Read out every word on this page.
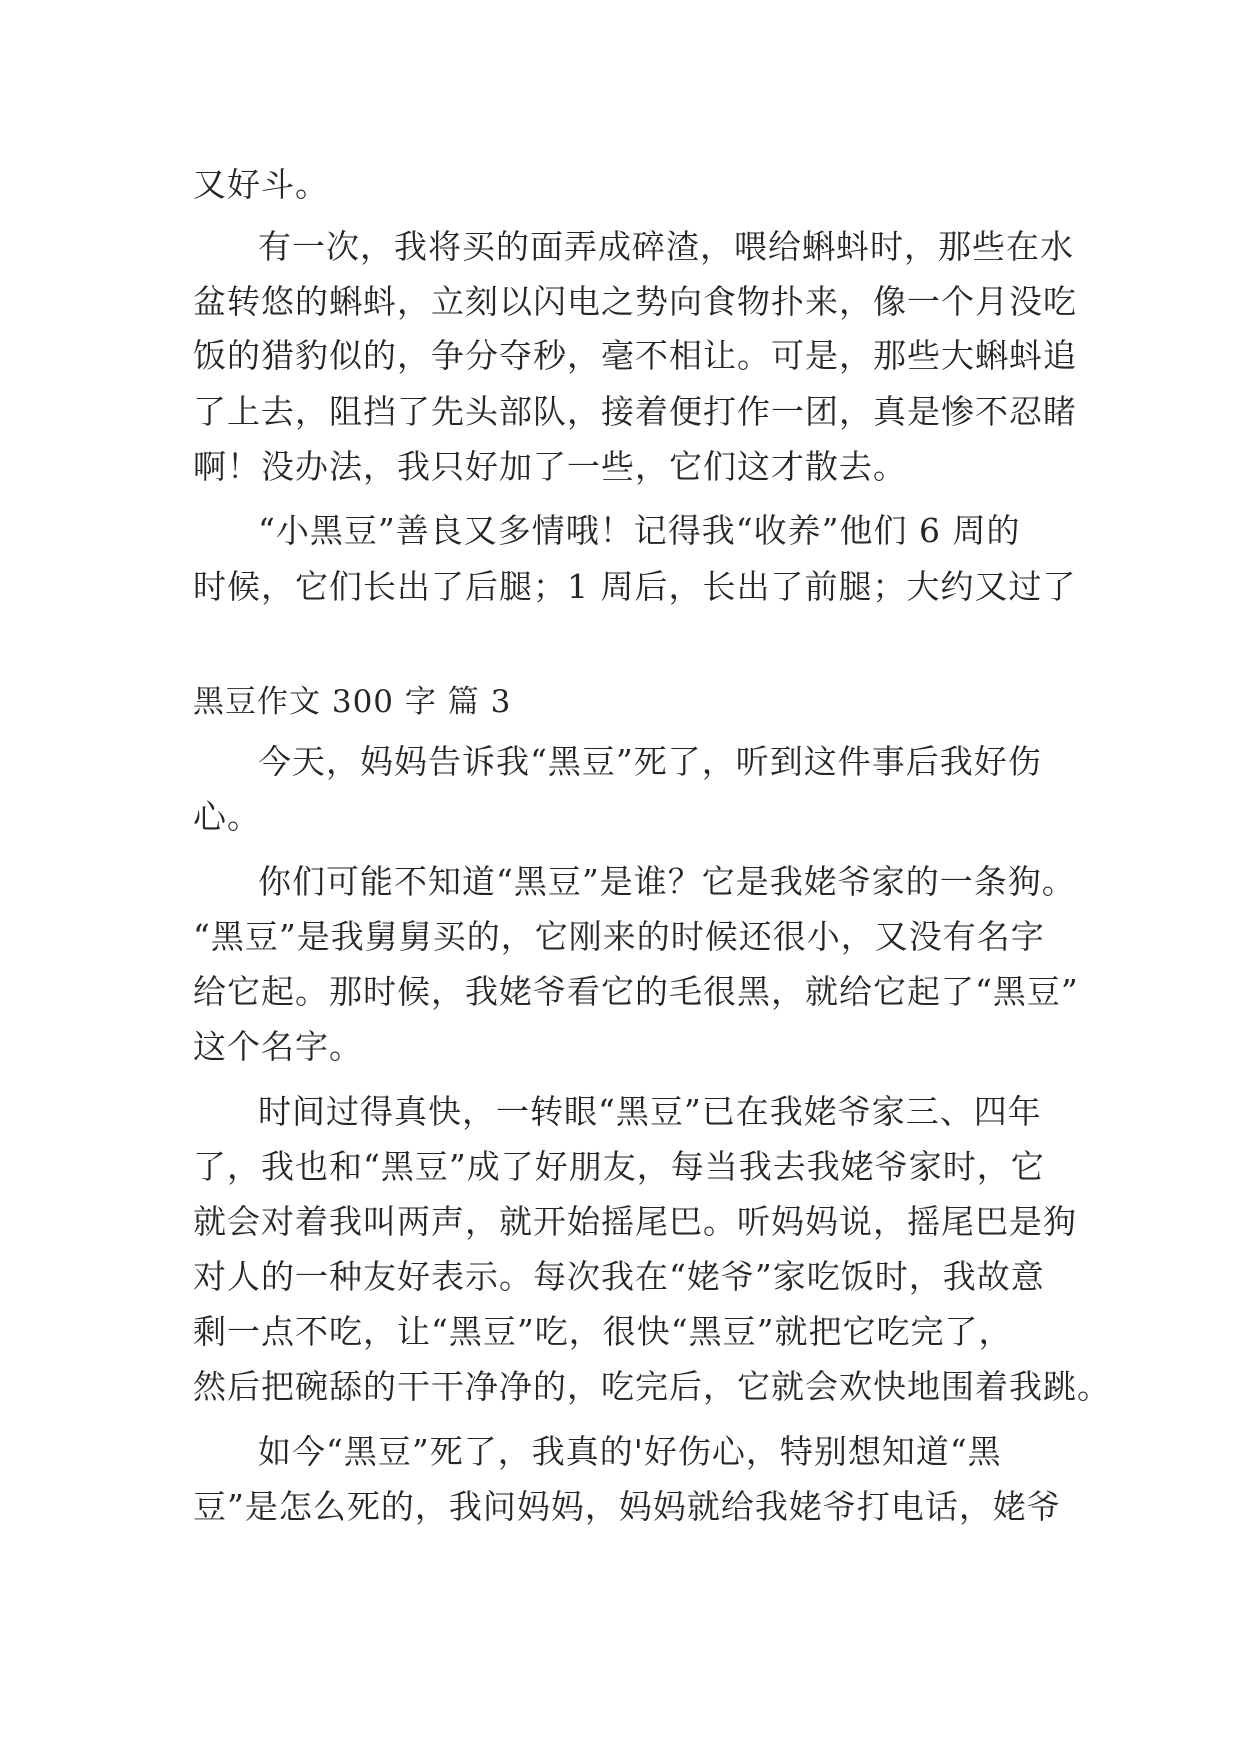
又好斗。
有一次，我将买的面弄成碎渣，喂给蝌蚪时，那些在水
盆转悠的蝌蚪，立刻以闪电之势向食物扑来，像一个月没吃
饭的猎豹似的，争分夺秒，毫不相让。可是，那些大蝌蚪追
了上去，阻挡了先头部队，接着便打作一团，真是惨不忍睹
啊！没办法，我只好加了一些，它们这才散去。
“小黑豆”善良又多情哦！记得我“收养”他们 6 周的
时候，它们长出了后腿；1 周后，长出了前腿；大约又过了
黑豆作文 300 字 篇 3
今天，妈妈告诉我“黑豆”死了，听到这件事后我好伤
心。
你们可能不知道“黑豆”是谁？它是我姥爷家的一条狗。
“黑豆”是我舅舅买的，它刚来的时候还很小，又没有名字
给它起。那时候，我姥爷看它的毛很黑，就给它起了“黑豆”
这个名字。
时间过得真快，一转眼“黑豆”已在我姥爷家三、四年
了，我也和“黑豆”成了好朋友，每当我去我姥爷家时，它
就会对着我叫两声，就开始摇尾巴。听妈妈说，摇尾巴是狗
对人的一种友好表示。每次我在“姥爷”家吃饭时，我故意
剩一点不吃，让“黑豆”吃，很快“黑豆”就把它吃完了，
然后把碗舔的干干净净的，吃完后，它就会欢快地围着我跳。
如今“黑豆”死了，我真的'好伤心，特别想知道“黑
豆”是怎么死的，我问妈妈，妈妈就给我姥爷打电话，姥爷
